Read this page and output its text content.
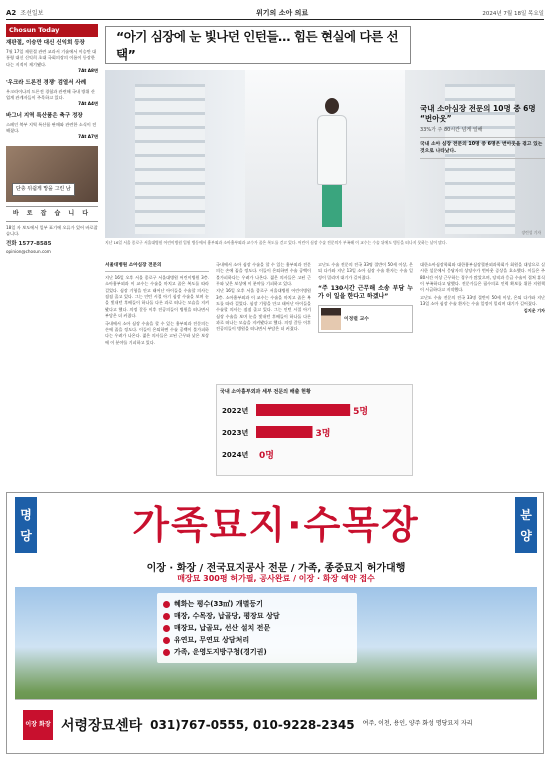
A2 조선일보	위기의 소아 의료	2024년 7월 18일 목요일
Chosun Today
재판절, 이승만 대신 신익희 등장
7월 17일 제헌절 관련 교과서 기술에서 이승만 대통령 대신 신익희 초대 국회의장의 이름이 등장한다는 지적이 제기됐다.
7At A8면
'우크라 드론전 경쟁' 검열서 사례
우크라이나의 드론전 경험과 관련해 국내 방위 산업계 관계자들이 주목하고 있다.
7At A4면
바그너 지역 특산품은 축구 정장
스페인 북부 지역 특산품 판매와 관련한 소식이 전해졌다.
7At A7면
단층 뒤쉽게 망을 그린 남
바 로 잡 습 니 다
18일 자 보도에서 일부 표기에 오류가 있어 바로잡습니다.
전화 1577-8585
opinion@chosun.com
“아기 심장에 눈 빛나던 인턴들… 힘든 현실에 다른 선택”
장련성 기자
지난 16일 서울 종로구 서울대병원 어린이병원 입원 병동에서 흉부외과 소아흉부외과 교수가 좁은 복도를 걷고 있다. 어린이 심장 수술 전문의가 부족해 이 교수는 수술 뒤에도 병동을 떠나지 못하는 날이 많다.
국내 소아심장 전문의 10명 중 6명 “번아웃”
33%가 주 80시간 넘게 일해
국내 소아 심장 전문의 10명 중 6명은 번아웃을 겪고 있는 것으로 나타났다.
서울대병원 소아심장 전문의

지난 16일 오후 서울 종로구 서울대병원 어린이병원 3층. 소아흉부외과 이 교수는 수술을 마치고 좁은 복도를 따라 걸었다. 심장 기형을 안고 태어난 아이들을 수술할 의사는 점점 줄고 있다. 그는 인턴 시절 아기 심장 수술을 보며 눈을 빛내던 후배들이 하나둘 다른 과로 떠나는 모습을 지켜봤다고 했다. 의정 갈등 이후 전공의들이 병원을 떠나면서 부담은 더 커졌다.

국내에서 소아 심장 수술을 할 수 있는 흉부외과 전문의는 손에 꼽을 정도다. 이들이 은퇴하면 수술 공백이 불가피하다는 우려가 나온다. 젊은 의사들은 고된 근무와 낮은 보상에 이 분야를 기피하고 있다.

국내에서 소아 심장 수술을 할 수 있는 흉부외과 전문의는 손에 꼽을 정도다. 이들이 은퇴하면 수술 공백이 불가피하다는 우려가 나온다. 젊은 의사들은 고된 근무와 낮은 보상에 이 분야를 기피하고 있다.

지난 16일 오후 서울 종로구 서울대병원 어린이병원 3층. 소아흉부외과 이 교수는 수술을 마치고 좁은 복도를 따라 걸었다. 심장 기형을 안고 태어난 아이들을 수술할 의사는 점점 줄고 있다. 그는 인턴 시절 아기 심장 수술을 보며 눈을 빛내던 후배들이 하나둘 다른 과로 떠나는 모습을 지켜봤다고 했다. 의정 갈등 이후 전공의들이 병원을 떠나면서 부담은 더 커졌다.

고난도 수술 전문의 전국 33명 절반이 50세 이상, 은퇴 다가와 지난 13일 소아 심장 수술 환자는 수술 일정이 밀리며 대기가 길어졌다.

“주 130시간 근무해 소송 부담 누가 이 일을 한다고 하겠나”
이정렬 교수

대한소아심장학회와 대한흉부심장혈관외과학회가 회원을 대상으로 실시한 설문에서 응답자의 상당수가 번아웃 증상을 호소했다. 이들은 주 80시간 이상 근무하는 경우가 많았으며, 당직과 응급 수술이 겹쳐 휴식이 부족하다고 답했다. 전문가들은 필수의료 인력 확보를 위한 지원책이 시급하다고 지적했다.

고난도 수술 전문의 전국 33명 절반이 50세 이상, 은퇴 다가와 지난 13일 소아 심장 수술 환자는 수술 일정이 밀리며 대기가 길어졌다.

김지운 기자
국내 소아흉부외과 세부 전문의 배출 현황
2022년	5명
2023년	3명
2024년 0명
명
당	가족묘지·수목장	분
양
이장 · 화장 / 전국묘지공사 전문 / 가족, 종중묘지 허가대행
매장묘 300평 허가필, 공사완료 / 이장 · 화장 예약 접수
혜화는 평수(33㎡) 개별등기
매장, 수목장, 납골당, 평장묘 상담
매장묘, 납골묘, 선산 설치 전문
유연묘, 무연묘 상담처리
가족, 운영도지방구청(경기권)
이장 화장 서령장묘센타 031)767-0555, 010-9228-2345 여주, 이천, 용인, 양주 화성 명당묘지 자리
